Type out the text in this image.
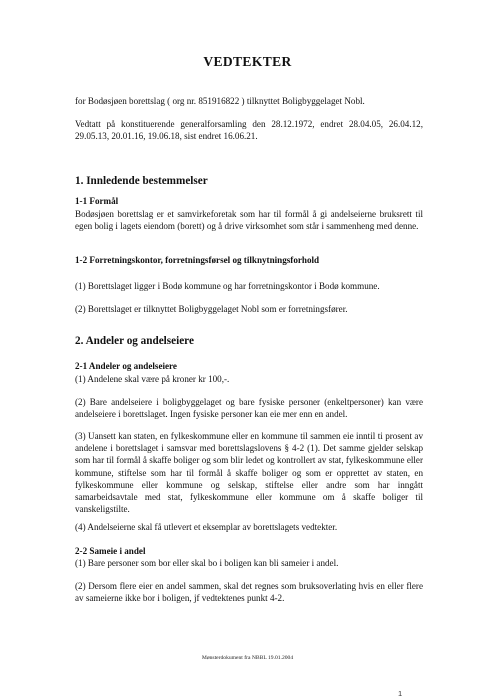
VEDTEKTER

for Bodøsjøen borettslag ( org nr. 851916822 ) tilknyttet Boligbyggelaget Nobl.

Vedtatt på konstituerende generalforsamling den 28.12.1972, endret 28.04.05, 26.04.12, 29.05.13, 20.01.16, 19.06.18, sist endret 16.06.21.

1. Innledende bestemmelser

1-1 Formål

Bodøsjøen borettslag er et samvirkeforetak som har til formål å gi andelseierne bruksrett til egen bolig i lagets eiendom (borett) og å drive virksomhet som står i sammenheng med denne.

1-2 Forretningskontor, forretningsførsel og tilknytningsforhold

(1) Borettslaget ligger i Bodø kommune og har forretningskontor i Bodø kommune.

(2) Borettslaget er tilknyttet Boligbyggelaget Nobl som er forretningsfører.

2. Andeler og andelseiere

2-1 Andeler og andelseiere

(1) Andelene skal være på kroner kr 100,-.

(2) Bare andelseiere i boligbyggelaget og bare fysiske personer (enkeltpersoner) kan være andelseiere i borettslaget. Ingen fysiske personer kan eie mer enn en andel.

(3) Uansett kan staten, en fylkeskommune eller en kommune til sammen eie inntil ti prosent av andelene i borettslaget i samsvar med borettslagslovens § 4-2 (1). Det samme gjelder selskap som har til formål å skaffe boliger og som blir ledet og kontrollert av stat, fylkeskommune eller kommune, stiftelse som har til formål å skaffe boliger og som er opprettet av staten, en fylkeskommune eller kommune og selskap, stiftelse eller andre som har inngått samarbeidsavtale med stat, fylkeskommune eller kommune om å skaffe boliger til vanskeligstilte.

(4) Andelseierne skal få utlevert et eksemplar av borettslagets vedtekter.

2-2 Sameie i andel

(1) Bare personer som bor eller skal bo i boligen kan bli sameier i andel.

(2) Dersom flere eier en andel sammen, skal det regnes som bruksoverlating hvis en eller flere av sameierne ikke bor i boligen, jf vedtektenes punkt 4-2.

Mønsterdokument fra NBBL 19.01.2004
1
